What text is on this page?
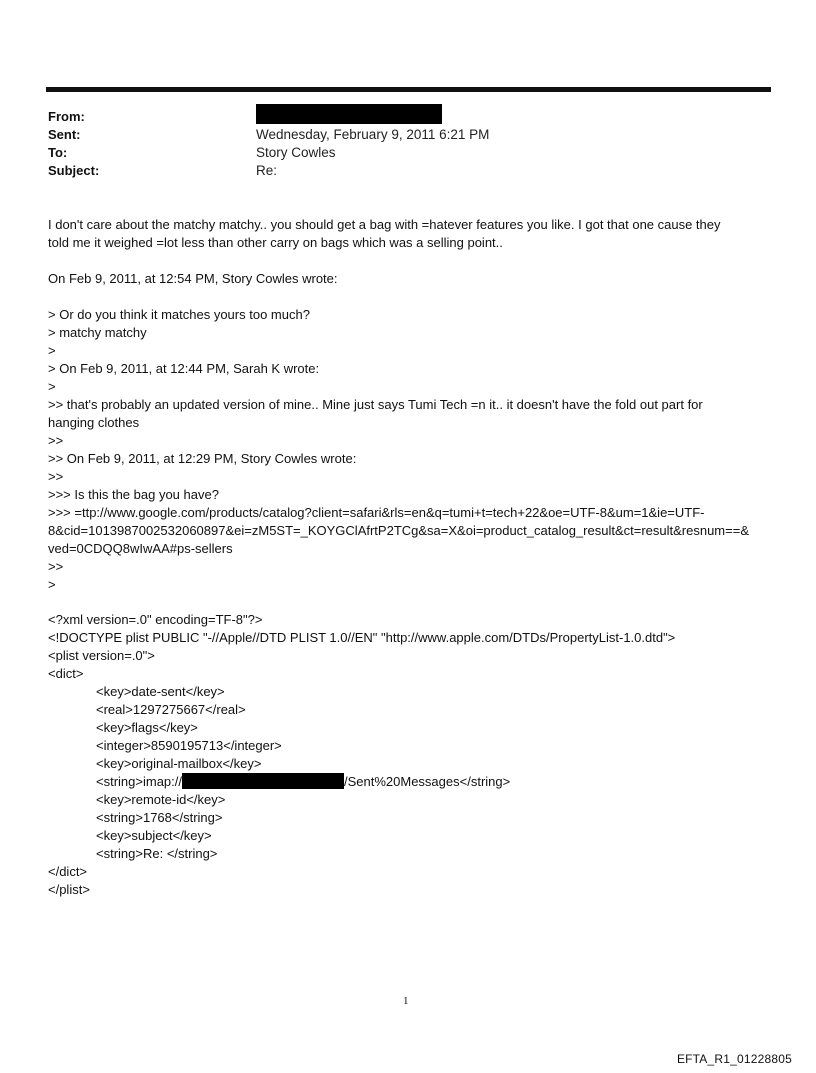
From:
Sent:	Wednesday, February 9, 2011 6:21 PM
To:	Story Cowles
Subject:	Re:
I don't care about the matchy matchy.. you should get a bag with =hatever features you like. I got that one cause they
told me it weighed =lot less than other carry on bags which was a selling point..
On Feb 9, 2011, at 12:54 PM, Story Cowles wrote:
> Or do you think it matches yours too much?
> matchy matchy
>
> On Feb 9, 2011, at 12:44 PM, Sarah K wrote:
>
>> that's probably an updated version of mine.. Mine just says Tumi Tech =n it.. it doesn't have the fold out part for
hanging clothes
>>
>> On Feb 9, 2011, at 12:29 PM, Story Cowles wrote:
>>
>>> Is this the bag you have?
>>> =ttp://www.google.com/products/catalog?client=safari&rls=en&q=tumi+t=tech+22&oe=UTF-8&um=1&ie=UTF-
8&cid=1013987002532060897&ei=zM5ST=_KOYGClAfrtP2TCg&sa=X&oi=product_catalog_result&ct=result&resnum==&
ved=0CDQQ8wIwAA#ps-sellers
>>
>
<?xml version=.0" encoding=TF-8"?>
<!DOCTYPE plist PUBLIC "-//Apple//DTD PLIST 1.0//EN" "http://www.apple.com/DTDs/PropertyList-1.0.dtd">
<plist version=.0">
<dict>
<key>date-sent</key>
<real>1297275667</real>
<key>flags</key>
<integer>8590195713</integer>
<key>original-mailbox</key>
<string>imap://	/Sent%20Messages</string>
<key>remote-id</key>
<string>1768</string>
<key>subject</key>
<string>Re: </string>
</dict>
</plist>
1
EFTA_R1_01228805
